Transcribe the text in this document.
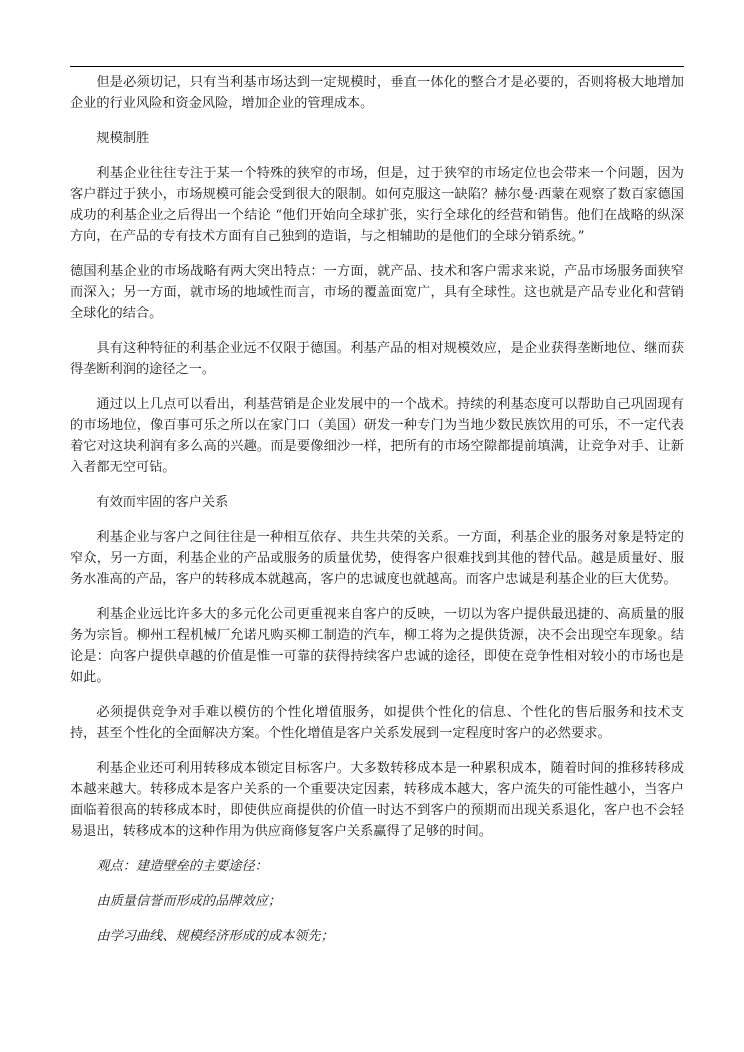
但是必须切记，只有当利基市场达到一定规模时，垂直一体化的整合才是必要的，否则将极大地增加企业的行业风险和资金风险，增加企业的管理成本。

规模制胜

利基企业往往专注于某一个特殊的狭窄的市场，但是，过于狭窄的市场定位也会带来一个问题，因为客户群过于狭小，市场规模可能会受到很大的限制。如何克服这一缺陷？赫尔曼·西蒙在观察了数百家德国成功的利基企业之后得出一个结论 “他们开始向全球扩张，实行全球化的经营和销售。他们在战略的纵深方向，在产品的专有技术方面有自己独到的造诣，与之相辅助的是他们的全球分销系统。”

德国利基企业的市场战略有两大突出特点：一方面，就产品、技术和客户需求来说，产品市场服务面狭窄而深入；另一方面，就市场的地域性而言，市场的覆盖面宽广，具有全球性。这也就是产品专业化和营销全球化的结合。

具有这种特征的利基企业远不仅限于德国。利基产品的相对规模效应，是企业获得垄断地位、继而获得垄断利润的途径之一。

通过以上几点可以看出，利基营销是企业发展中的一个战术。持续的利基态度可以帮助自己巩固现有的市场地位，像百事可乐之所以在家门口（美国）研发一种专门为当地少数民族饮用的可乐，不一定代表着它对这块利润有多么高的兴趣。而是要像细沙一样，把所有的市场空隙都提前填满，让竞争对手、让新入者都无空可钻。

有效而牢固的客户关系

利基企业与客户之间往往是一种相互依存、共生共荣的关系。一方面，利基企业的服务对象是特定的窄众，另一方面，利基企业的产品或服务的质量优势，使得客户很难找到其他的替代品。越是质量好、服务水准高的产品，客户的转移成本就越高，客户的忠诚度也就越高。而客户忠诚是利基企业的巨大优势。

利基企业远比许多大的多元化公司更重视来自客户的反映，一切以为客户提供最迅捷的、高质量的服务为宗旨。柳州工程机械厂允诺凡购买柳工制造的汽车，柳工将为之提供货源，决不会出现空车现象。结论是：向客户提供卓越的价值是惟一可靠的获得持续客户忠诚的途径，即使在竞争性相对较小的市场也是如此。

必须提供竞争对手难以模仿的个性化增值服务，如提供个性化的信息、个性化的售后服务和技术支持，甚至个性化的全面解决方案。个性化增值是客户关系发展到一定程度时客户的必然要求。

利基企业还可利用转移成本锁定目标客户。大多数转移成本是一种累积成本，随着时间的推移转移成本越来越大。转移成本是客户关系的一个重要决定因素，转移成本越大，客户流失的可能性越小，当客户面临着很高的转移成本时，即使供应商提供的价值一时达不到客户的预期而出现关系退化，客户也不会轻易退出，转移成本的这种作用为供应商修复客户关系赢得了足够的时间。

观点：建造壁垒的主要途径：

由质量信誉而形成的品牌效应；

由学习曲线、规模经济形成的成本领先；
